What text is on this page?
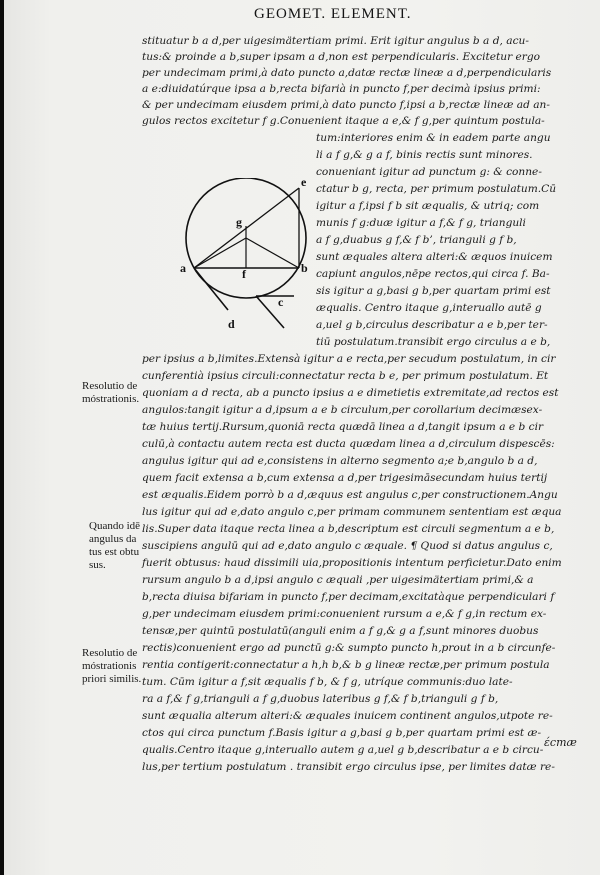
GEOMET. ELEMENT.
stituatur b a d,per uigesimätertiam primi. Erit igitur angulus b a d, acu-
tus:& proinde a b,super ipsam a d,non est perpendicularis. Excitetur ergo
per undecimam primi,à dato puncto a,datæ rectæ lineæ a d,perpendicularis
a e:diuidatúrque ipsa a b,recta bifarià in puncto f,per decimà ipsius primi:
& per undecimam eiusdem primi,à dato puncto f,ipsi a b,rectæ lineæ ad an-
gulos rectos excitetur f g.Conuenient itaque a e,& f g,per quintum postula-
tum:interiores enim & in eadem parte angu
li a f g,& g a f, binis rectis sunt minores.
conueniant igitur ad punctum g: & conne-
ctatur b g, recta, per primum postulatum.Cū
igitur a f,ipsi f b sit æqualis, & utriq; com
munis f g:duæ igitur a f,& f g, trianguli
a f g,duabus g f,& f b’, trianguli g f b,
sunt æquales altera alteri:& æquos inuicem
capiunt angulos,nēpe rectos,qui circa f. Ba-
sis igitur a g,basi g b,per quartam primi est
æqualis. Centro itaque g,interuallo autē g
a,uel g b,circulus describatur a e b,per ter-
tiū postulatum.transibit ergo circulus a e b,
per ipsius a b,limites.Extensà igitur a e recta,per secudum postulatum, in cir
cunferentià ipsius circuli:connectatur recta b e, per primum postulatum. Et
quoniam a d recta, ab a puncto ipsius a e dimetietis extremitate,ad rectos est
angulos:tangit igitur a d,ipsum a e b circulum,per corollarium decimæsex-
tæ huius tertij.Rursum,quoniā recta quædā linea a d,tangit ipsum a e b cir
culū,à contactu autem recta est ducta quædam linea a d,circulum dispescēs:
angulus igitur qui ad e,consistens in alterno segmento a;e b,angulo b a d,
quem facit extensa a b,cum extensa a d,per trigesimāsecundam huius tertij
est æqualis.Eidem porrò b a d,æquus est angulus c,per constructionem.Angu
lus igitur qui ad e,dato angulo c,per primam communem sententiam est æqua
lis.Super data itaque recta linea a b,descriptum est circuli segmentum a e b,
suscipiens angulū qui ad e,dato angulo c æquale. ¶ Quod si datus angulus c,
fuerit obtusus: haud dissimili uia,propositionis intentum perficietur.Dato enim
rursum angulo b a d,ipsi angulo c æquali ,per uigesimätertiam primi,& a
b,recta diuisa bifariam in puncto f,per decimam,excitatàque perpendiculari f
g,per undecimam eiusdem primi:conuenient rursum a e,& f g,in rectum ex-
tensæ,per quintū postulatū(anguli enim a f g,& g a f,sunt minores duobus
rectis)conuenient ergo ad punctū g:& sumpto puncto h,prout in a b circunfe-
rentia contigerit:connectatur a h,h b,& b g lineæ rectæ,per primum postula
tum. Cūm igitur a f,sit æqualis f b, & f g, utríque communis:duo late-
ra a f,& f g,trianguli a f g,duobus lateribus g f,& f b,trianguli g f b,
sunt æqualia alterum alteri:& æquales inuicem continent angulos,utpote re-
ctos qui circa punctum f.Basis igitur a g,basi g b,per quartam primi est æ-
qualis.Centro itaque g,interuallo autem g a,uel g b,describatur a e b circu-
lus,per tertium postulatum . transibit ergo circulus ipse, per limites datæ re-
Resolutio de
móstrationis.
Quando idē
angulus da
tus est obtu
sus.
Resolutio de
móstrationis
priori similis.
e
g
a	f	b
c
d
έстæ
